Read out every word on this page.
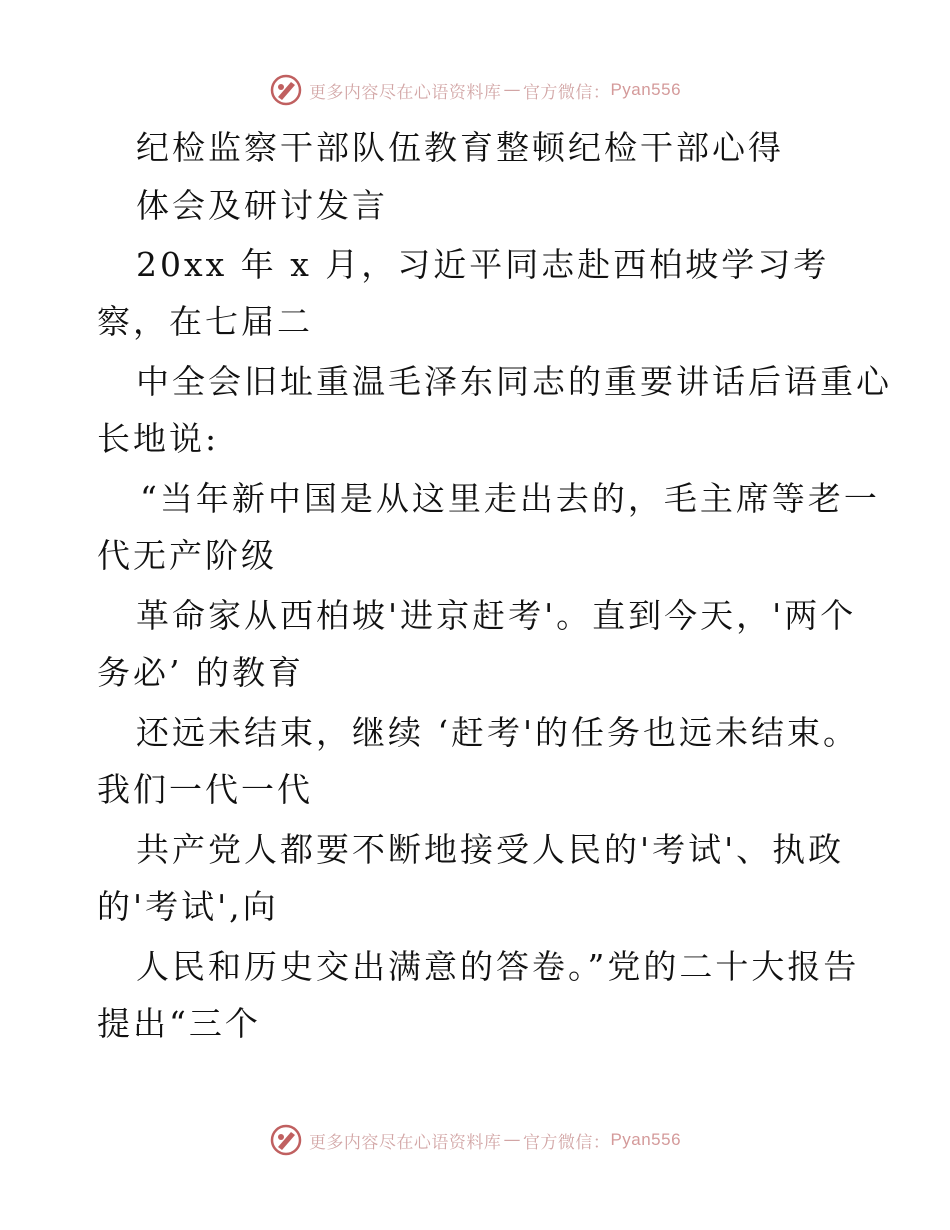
更多内容尽在心语资料库 — 官方微信： Pyan556
纪检监察干部队伍教育整顿纪检干部心得
体会及研讨发言
20xx 年 x 月，习近平同志赴西柏坡学习考
察，在七届二
中全会旧址重温毛泽东同志的重要讲话后语重心
长地说:
“当年新中国是从这里走出去的，毛主席等老一
代无产阶级
革命家从西柏坡'进京赶考'。直到今天，'两个
务必’ 的教育
还远未结束，继续 ‘赶考'的任务也远未结束。
我们一代一代
共产党人都要不断地接受人民的'考试'、执政
的'考试',向
人民和历史交出满意的答卷。”党的二十大报告
提出“三个
更多内容尽在心语资料库 — 官方微信： Pyan556
